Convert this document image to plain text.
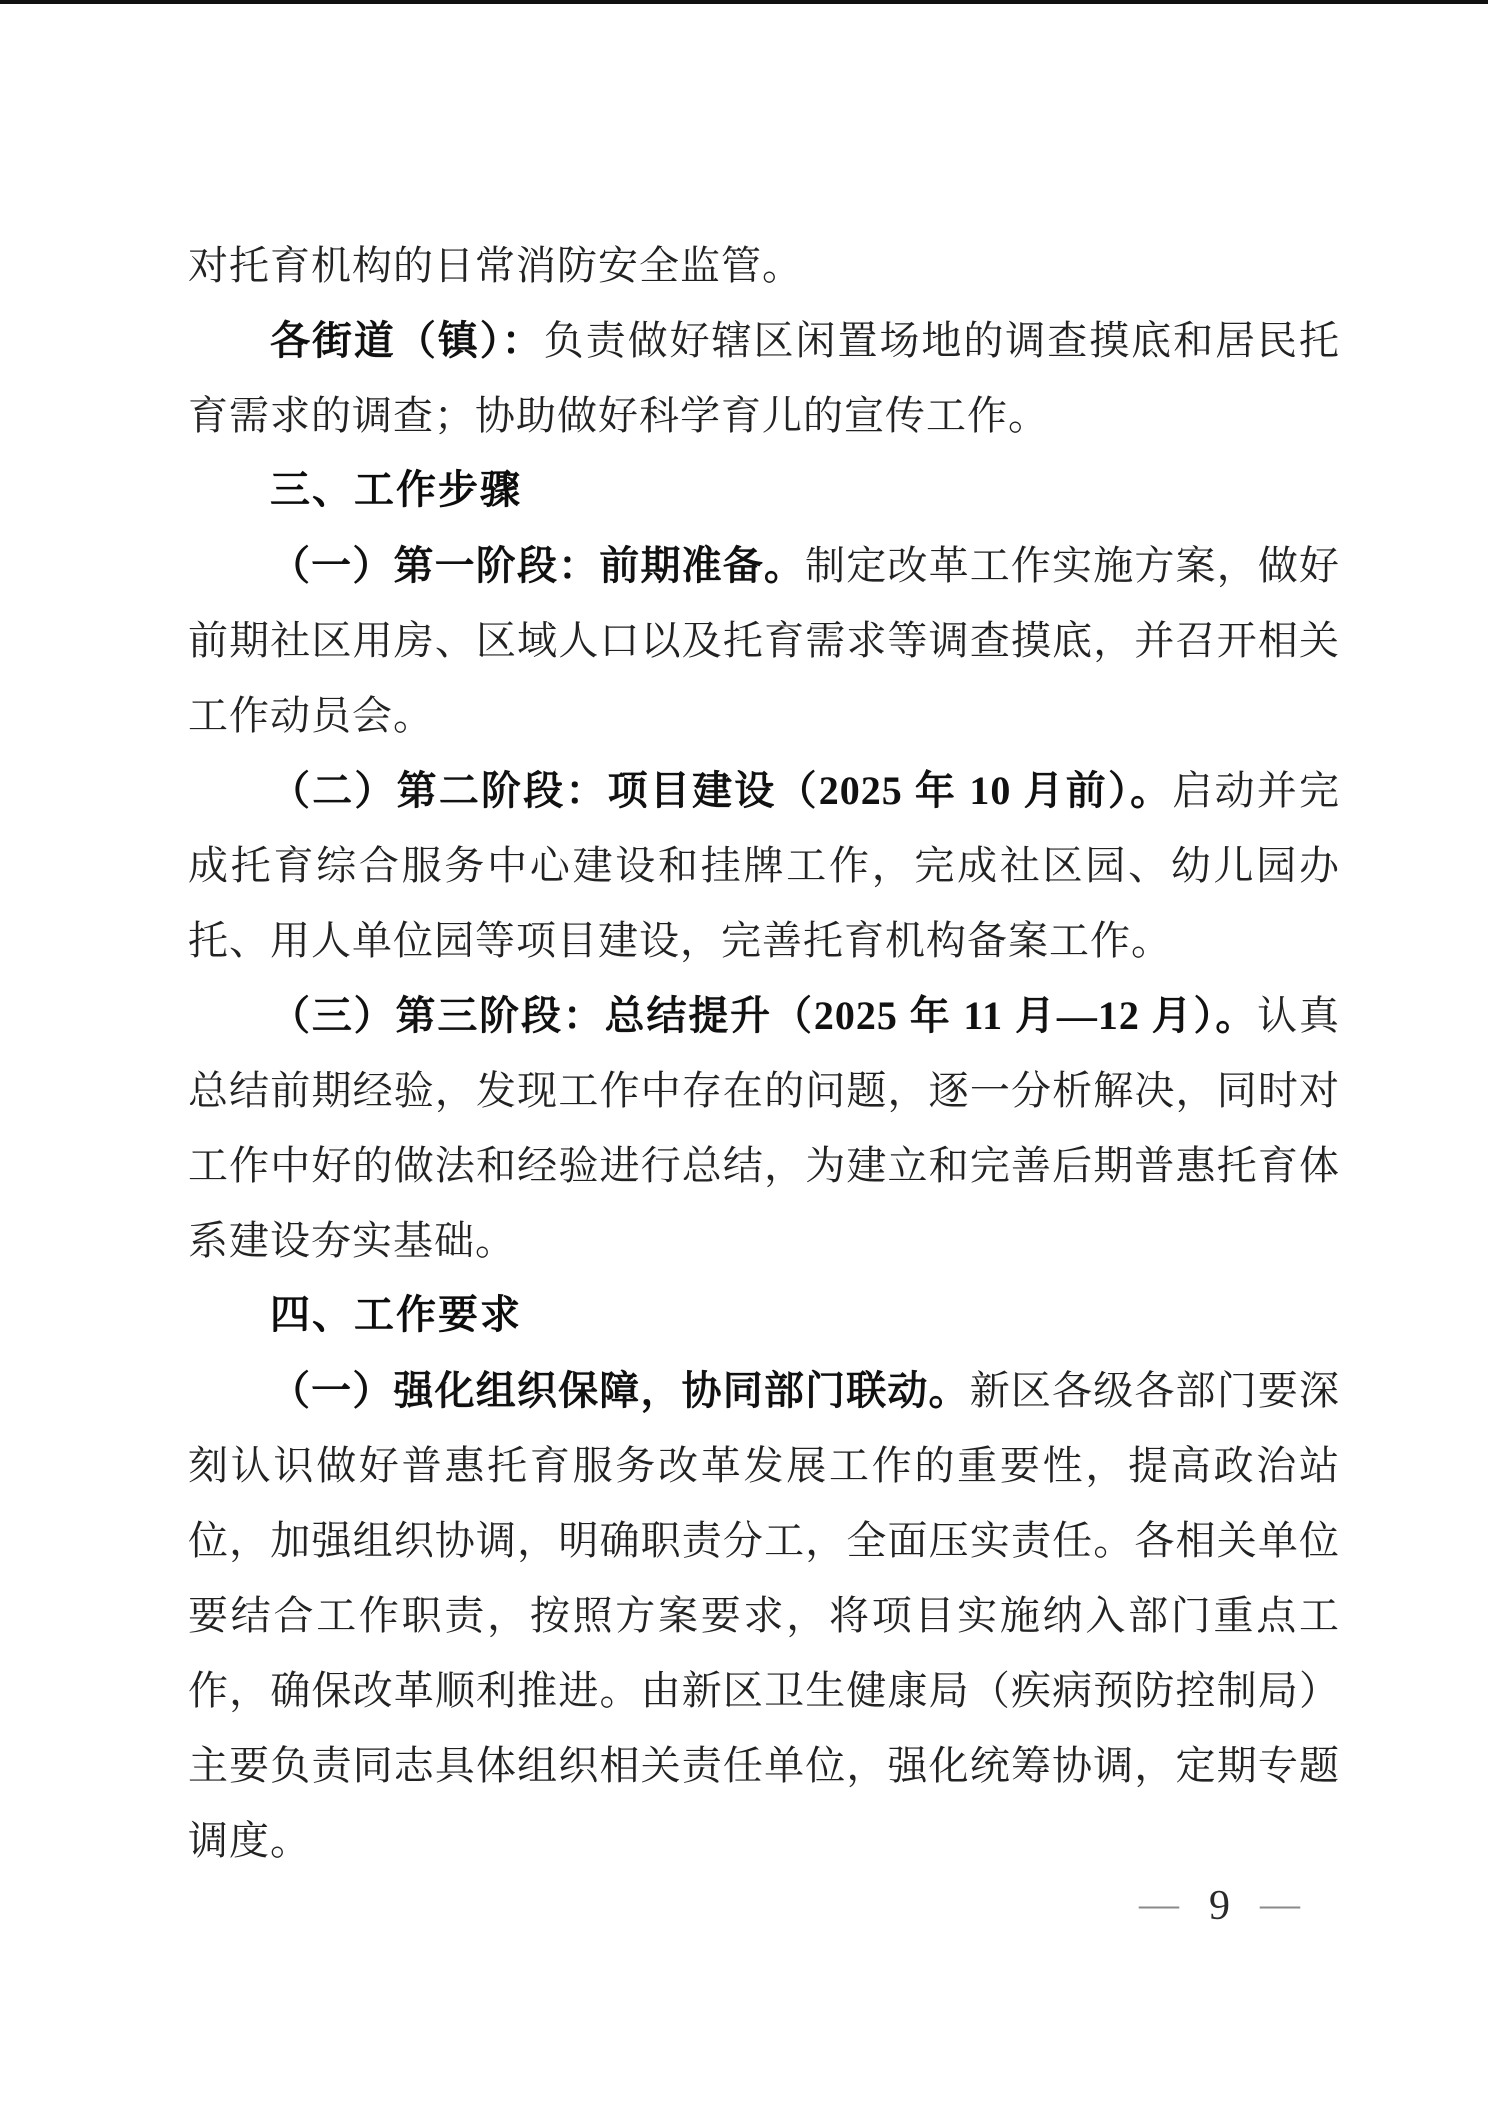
对托育机构的日常消防安全监管。

各街道（镇）：负责做好辖区闲置场地的调查摸底和居民托育需求的调查；协助做好科学育儿的宣传工作。

三、工作步骤

（一）第一阶段：前期准备。制定改革工作实施方案，做好前期社区用房、区域人口以及托育需求等调查摸底，并召开相关工作动员会。

（二）第二阶段：项目建设（2025 年 10 月前）。启动并完成托育综合服务中心建设和挂牌工作，完成社区园、幼儿园办托、用人单位园等项目建设，完善托育机构备案工作。

（三）第三阶段：总结提升（2025 年 11 月—12 月）。认真总结前期经验，发现工作中存在的问题，逐一分析解决，同时对工作中好的做法和经验进行总结，为建立和完善后期普惠托育体系建设夯实基础。

四、工作要求

（一）强化组织保障，协同部门联动。新区各级各部门要深刻认识做好普惠托育服务改革发展工作的重要性，提高政治站位，加强组织协调，明确职责分工，全面压实责任。各相关单位要结合工作职责，按照方案要求，将项目实施纳入部门重点工作，确保改革顺利推进。由新区卫生健康局（疾病预防控制局）主要负责同志具体组织相关责任单位，强化统筹协调，定期专题调度。

— 9 —
